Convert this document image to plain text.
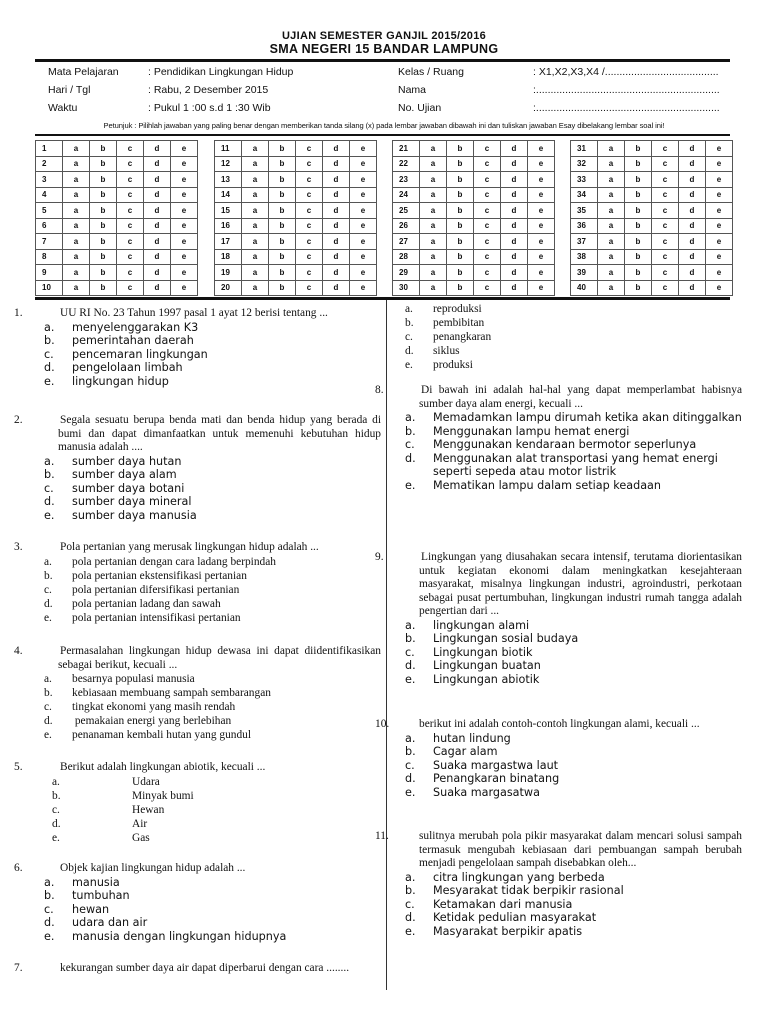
UJIAN SEMESTER GANJIL 2015/2016
SMA NEGERI 15 BANDAR LAMPUNG
Mata Pelajaran	: Pendidikan Lingkungan Hidup	Kelas / Ruang	: X1,X2,X3,X4 /.......................................
Hari / Tgl	: Rabu, 2 Desember 2015	Nama	:...............................................................
Waktu	: Pukul 1 :00 s.d 1 :30 Wib	No. Ujian	:...............................................................
Petunjuk : Pilihlah jawaban yang paling benar dengan memberikan tanda silang (x) pada lembar jawaban dibawah ini dan tuliskan jawaban Esay dibelakang lembar soal ini!
1	a	b	c	d	e
2	a	b	c	d	e
3	a	b	c	d	e
4	a	b	c	d	e
5	a	b	c	d	e
6	a	b	c	d	e
7	a	b	c	d	e
8	a	b	c	d	e
9	a	b	c	d	e
10	a	b	c	d	e
11	a	b	c	d	e
12	a	b	c	d	e
13	a	b	c	d	e
14	a	b	c	d	e
15	a	b	c	d	e
16	a	b	c	d	e
17	a	b	c	d	e
18	a	b	c	d	e
19	a	b	c	d	e
20	a	b	c	d	e
21	a	b	c	d	e
22	a	b	c	d	e
23	a	b	c	d	e
24	a	b	c	d	e
25	a	b	c	d	e
26	a	b	c	d	e
27	a	b	c	d	e
28	a	b	c	d	e
29	a	b	c	d	e
30	a	b	c	d	e
31	a	b	c	d	e
32	a	b	c	d	e
33	a	b	c	d	e
34	a	b	c	d	e
35	a	b	c	d	e
36	a	b	c	d	e
37	a	b	c	d	e
38	a	b	c	d	e
39	a	b	c	d	e
40	a	b	c	d	e
1.	UU RI No. 23 Tahun 1997 pasal 1 ayat 12 berisi tentang ...
a. menyelenggarakan K3
b. pemerintahan daerah
c. pencemaran lingkungan
d. pengelolaan limbah
e. lingkungan hidup
2.	Segala sesuatu berupa benda mati dan benda hidup yang berada di bumi dan dapat dimanfaatkan untuk memenuhi kebutuhan hidup manusia adalah ....
a. sumber daya hutan
b. sumber daya alam
c. sumber daya botani
d. sumber daya mineral
e. sumber daya manusia
3.	Pola pertanian yang merusak lingkungan hidup adalah ...
a. pola pertanian dengan cara ladang berpindah
b. pola pertanian ekstensifikasi pertanian
c. pola pertanian difersifikasi pertanian
d. pola pertanian ladang dan sawah
e. pola pertanian intensifikasi pertanian
4.	Permasalahan lingkungan hidup dewasa ini dapat diidentifikasikan sebagai berikut, kecuali ...
a. besarnya populasi manusia
b. kebiasaan membuang sampah sembarangan
c. tingkat ekonomi yang masih rendah
d. pemakaian energi yang berlebihan
e. penanaman kembali hutan yang gundul
5.	Berikut adalah lingkungan abiotik, kecuali ...
a.	Udara
b.	Minyak bumi
c.	Hewan
d.	Air
e.	Gas
6.	Objek kajian lingkungan hidup adalah ...
a. manusia
b. tumbuhan
c. hewan
d. udara dan air
e. manusia dengan lingkungan hidupnya
7.	kekurangan sumber daya air dapat diperbarui dengan cara ........
a. reproduksi
b. pembibitan
c. penangkaran
d. siklus
e. produksi
8.	Di bawah ini adalah hal-hal yang dapat memperlambat habisnya sumber daya alam energi, kecuali ...
a. Memadamkan lampu dirumah ketika akan ditinggalkan
b. Menggunakan lampu hemat energi
c. Menggunakan kendaraan bermotor seperlunya
d. Menggunakan alat transportasi yang hemat energi seperti sepeda atau motor listrik
e. Mematikan lampu dalam setiap keadaan
9.	Lingkungan yang diusahakan secara intensif, terutama diorientasikan untuk kegiatan ekonomi dalam meningkatkan kesejahteraan masyarakat, misalnya lingkungan industri, agroindustri, perkotaan sebagai pusat pertumbuhan, lingkungan industri rumah tangga adalah pengertian dari ...
a. lingkungan alami
b. Lingkungan sosial budaya
c. Lingkungan biotik
d. Lingkungan buatan
e. Lingkungan abiotik
10.	berikut ini adalah contoh-contoh lingkungan alami, kecuali ...
a. hutan lindung
b. Cagar alam
c. Suaka margastwa laut
d. Penangkaran binatang
e. Suaka margasatwa
11.	sulitnya merubah pola pikir masyarakat dalam mencari solusi sampah termasuk mengubah kebiasaan dari pembuangan sampah berubah menjadi pengelolaan sampah disebabkan oleh...
a. citra lingkungan yang berbeda
b. Mesyarakat tidak berpikir rasional
c. Ketamakan dari manusia
d. Ketidak pedulian masyarakat
e. Masyarakat berpikir apatis
